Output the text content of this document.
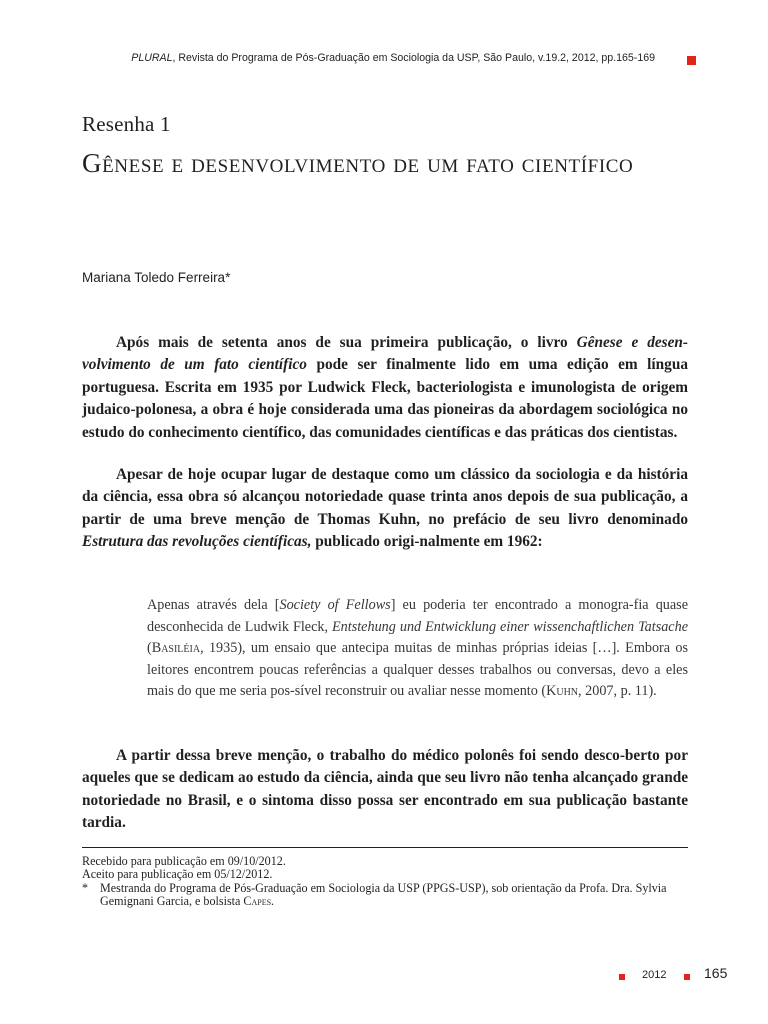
PLURAL, Revista do Programa de Pós-Graduação em Sociologia da USP, São Paulo, v.19.2, 2012, pp.165-169
Resenha 1
Gênese e desenvolvimento de um fato científico
Mariana Toledo Ferreira*
Após mais de setenta anos de sua primeira publicação, o livro Gênese e desen-volvimento de um fato científico pode ser finalmente lido em uma edição em língua portuguesa. Escrita em 1935 por Ludwick Fleck, bacteriologista e imunologista de origem judaico-polonesa, a obra é hoje considerada uma das pioneiras da abordagem sociológica no estudo do conhecimento científico, das comunidades científicas e das práticas dos cientistas.
Apesar de hoje ocupar lugar de destaque como um clássico da sociologia e da história da ciência, essa obra só alcançou notoriedade quase trinta anos depois de sua publicação, a partir de uma breve menção de Thomas Kuhn, no prefácio de seu livro denominado Estrutura das revoluções científicas, publicado origi-nalmente em 1962:
Apenas através dela [Society of Fellows] eu poderia ter encontrado a monogra-fia quase desconhecida de Ludwik Fleck, Entstehung und Entwicklung einer wissenchaftlichen Tatsache (Basiléia, 1935), um ensaio que antecipa muitas de minhas próprias ideias […]. Embora os leitores encontrem poucas referências a qualquer desses trabalhos ou conversas, devo a eles mais do que me seria pos-sível reconstruir ou avaliar nesse momento (Kuhn, 2007, p. 11).
A partir dessa breve menção, o trabalho do médico polonês foi sendo desco-berto por aqueles que se dedicam ao estudo da ciência, ainda que seu livro não tenha alcançado grande notoriedade no Brasil, e o sintoma disso possa ser encontrado em sua publicação bastante tardia.
Recebido para publicação em 09/10/2012.
Aceito para publicação em 05/12/2012.
* Mestranda do Programa de Pós-Graduação em Sociologia da USP (PPGS-USP), sob orientação da Profa. Dra. Sylvia Gemignani Garcia, e bolsista Capes.
2012	165
